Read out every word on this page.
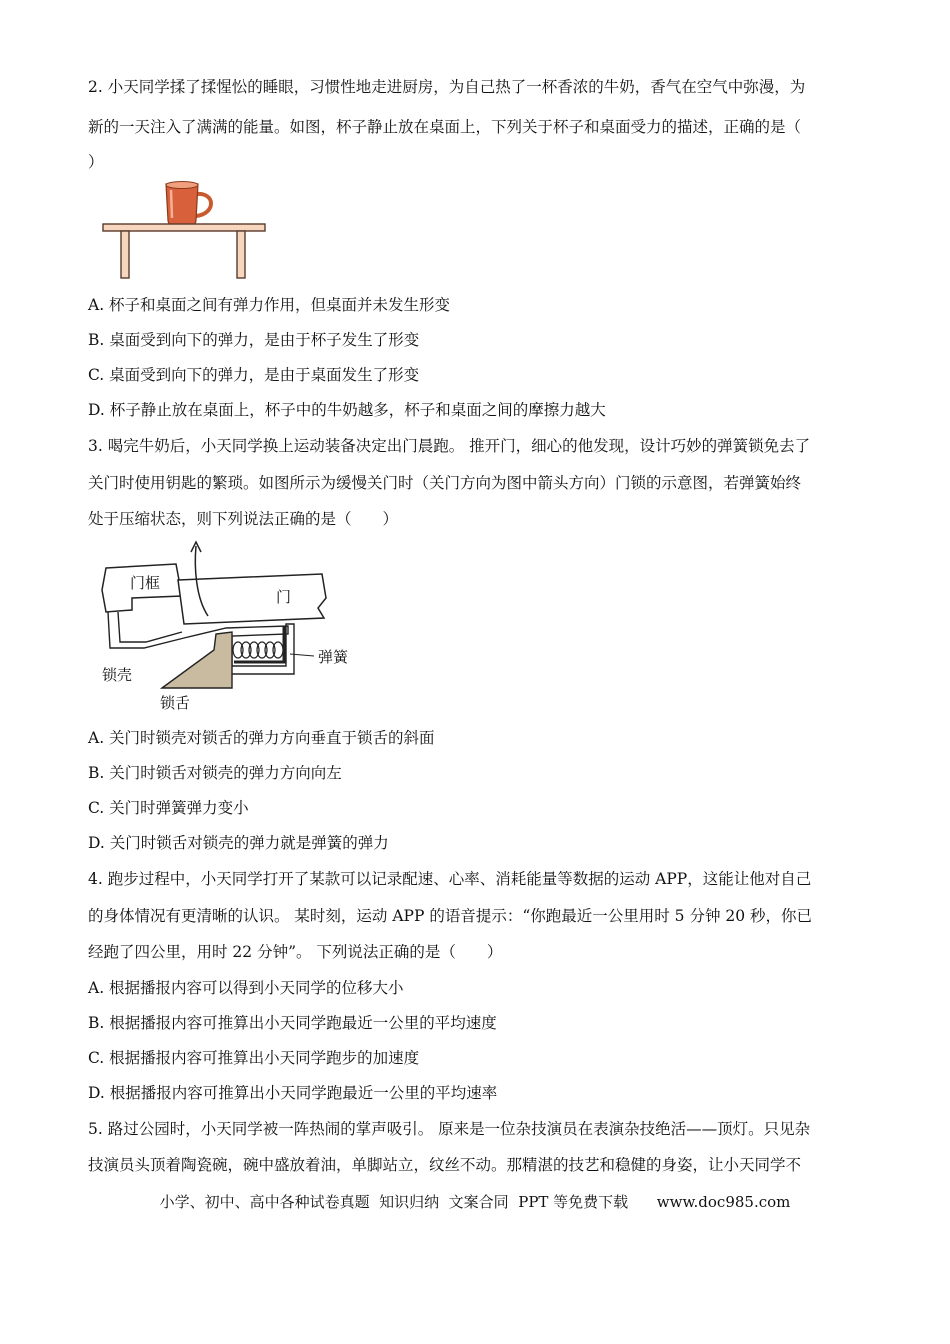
2. 小天同学揉了揉惺忪的睡眼，习惯性地走进厨房，为自己热了一杯香浓的牛奶，香气在空气中弥漫，为
新的一天注入了满满的能量。如图，杯子静止放在桌面上，下列关于杯子和桌面受力的描述，正确的是（
）
A. 杯子和桌面之间有弹力作用，但桌面并未发生形变
B. 桌面受到向下的弹力，是由于杯子发生了形变
C. 桌面受到向下的弹力，是由于桌面发生了形变
D. 杯子静止放在桌面上，杯子中的牛奶越多，杯子和桌面之间的摩擦力越大
3. 喝完牛奶后，小天同学换上运动装备决定出门晨跑。 推开门，细心的他发现，设计巧妙的弹簧锁免去了
关门时使用钥匙的繁琐。如图所示为缓慢关门时（关门方向为图中箭头方向）门锁的示意图，若弹簧始终
处于压缩状态，则下列说法正确的是（　　）
门框
门
弹簧
锁壳
锁舌
A. 关门时锁壳对锁舌的弹力方向垂直于锁舌的斜面
B. 关门时锁舌对锁壳的弹力方向向左
C. 关门时弹簧弹力变小
D. 关门时锁舌对锁壳的弹力就是弹簧的弹力
4. 跑步过程中，小天同学打开了某款可以记录配速、心率、消耗能量等数据的运动 APP，这能让他对自己
的身体情况有更清晰的认识。 某时刻，运动 APP 的语音提示：“你跑最近一公里用时 5 分钟 20 秒，你已
经跑了四公里，用时 22 分钟”。 下列说法正确的是（　　）
A. 根据播报内容可以得到小天同学的位移大小
B. 根据播报内容可推算出小天同学跑最近一公里的平均速度
C. 根据播报内容可推算出小天同学跑步的加速度
D. 根据播报内容可推算出小天同学跑最近一公里的平均速率
5. 路过公园时，小天同学被一阵热闹的掌声吸引。 原来是一位杂技演员在表演杂技绝活——顶灯。只见杂
技演员头顶着陶瓷碗，碗中盛放着油，单脚站立，纹丝不动。那精湛的技艺和稳健的身姿，让小天同学不
小学、初中、高中各种试卷真题  知识归纳  文案合同  PPT 等免费下载      www.doc985.com
